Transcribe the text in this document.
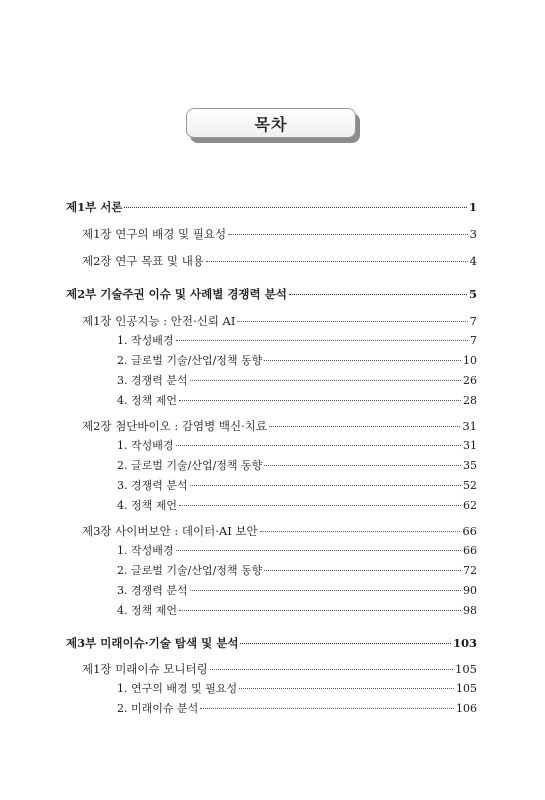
목차
제1부 서론	1
제1장 연구의 배경 및 필요성	3
제2장 연구 목표 및 내용	4
제2부 기술주권 이슈 및 사례별 경쟁력 분석	5
제1장 인공지능 : 안전·신뢰 AI	7
1. 작성배경	7
2. 글로벌 기술/산업/정책 동향	10
3. 경쟁력 분석	26
4. 정책 제언	28
제2장 첨단바이오 : 감염병 백신·치료	31
1. 작성배경	31
2. 글로벌 기술/산업/정책 동향	35
3. 경쟁력 분석	52
4. 정책 제언	62
제3장 사이버보안 : 데이터·AI 보안	66
1. 작성배경	66
2. 글로벌 기술/산업/정책 동향	72
3. 경쟁력 분석	90
4. 정책 제언	98
제3부 미래이슈·기술 탐색 및 분석	103
제1장 미래이슈 모니터링	105
1. 연구의 배경 및 필요성	105
2. 미래이슈 분석	106
